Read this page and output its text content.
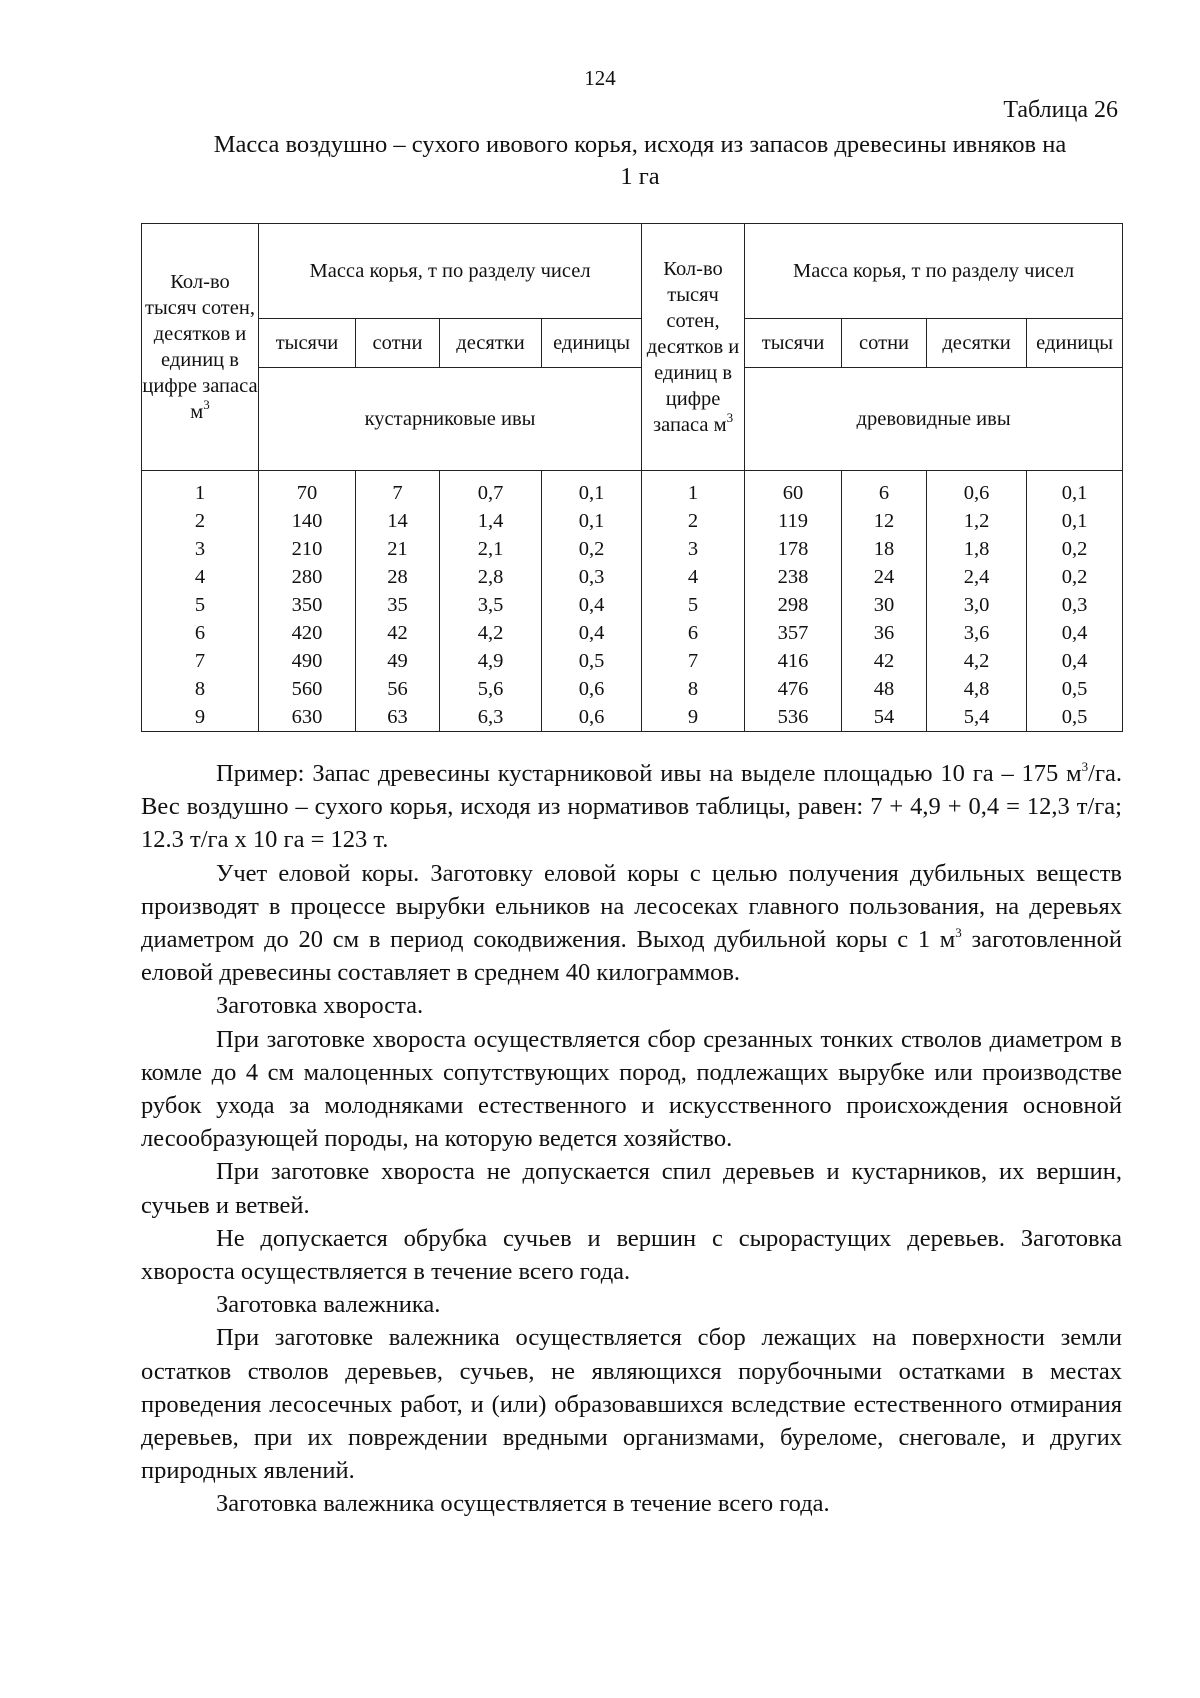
124
Таблица 26
Масса воздушно – сухого ивового корья, исходя из запасов древесины ивняков на 1 га
Кол-во тысяч сотен, десятков и единиц в цифре запаса $м^3$	Масса корья, т по разделу чисел				Кол-во тысяч сотен, десятков и единиц в цифре запаса $м^3$	Масса корья, т по разделу чисел			
	тысячи	сотни	десятки	единицы		тысячи	сотни	десятки	единицы
	кустарниковые ивы					древовидные ивы			

1	70	7	0,7	0,1	1	60	6	0,6	0,1
2	140	14	1,4	0,1	2	119	12	1,2	0,1
3	210	21	2,1	0,2	3	178	18	1,8	0,2
4	280	28	2,8	0,3	4	238	24	2,4	0,2
5	350	35	3,5	0,4	5	298	30	3,0	0,3
6	420	42	4,2	0,4	6	357	36	3,6	0,4
7	490	49	4,9	0,5	7	416	42	4,2	0,4
8	560	56	5,6	0,6	8	476	48	4,8	0,5
9	630	63	6,3	0,6	9	536	54	5,4	0,5

Пример: Запас древесины кустарниковой ивы на выделе площадью 10 га – 175 $м^3/га$. Вес воздушно – сухого корья, исходя из нормативов таблицы, равен: 7 + 4,9 + 0,4 = 12,3 т/га; 12.3 т/га х 10 га = 123 т.

Учет еловой коры. Заготовку еловой коры с целью получения дубильных веществ производят в процессе вырубки ельников на лесосеках главного пользования, на деревьях диаметром до 20 см в период сокодвижения. Выход дубильной коры с 1 $м^3$ заготовленной еловой древесины составляет в среднем 40 килограммов.

Заготовка хвороста.

При заготовке хвороста осуществляется сбор срезанных тонких стволов диаметром в комле до 4 см малоценных сопутствующих пород, подлежащих вырубке или производстве рубок ухода за молодняками естественного и искусственного происхождения основной лесообразующей породы, на которую ведется хозяйство.

При заготовке хвороста не допускается спил деревьев и кустарников, их вершин, сучьев и ветвей.

Не допускается обрубка сучьев и вершин с сырорастущих деревьев. Заготовка хвороста осуществляется в течение всего года.

Заготовка валежника.

При заготовке валежника осуществляется сбор лежащих на поверхности земли остатков стволов деревьев, сучьев, не являющихся порубочными остатками в местах проведения лесосечных работ, и (или) образовавшихся вследствие естественного отмирания деревьев, при их повреждении вредными организмами, буреломе, снеговале, и других природных явлений.

Заготовка валежника осуществляется в течение всего года.
